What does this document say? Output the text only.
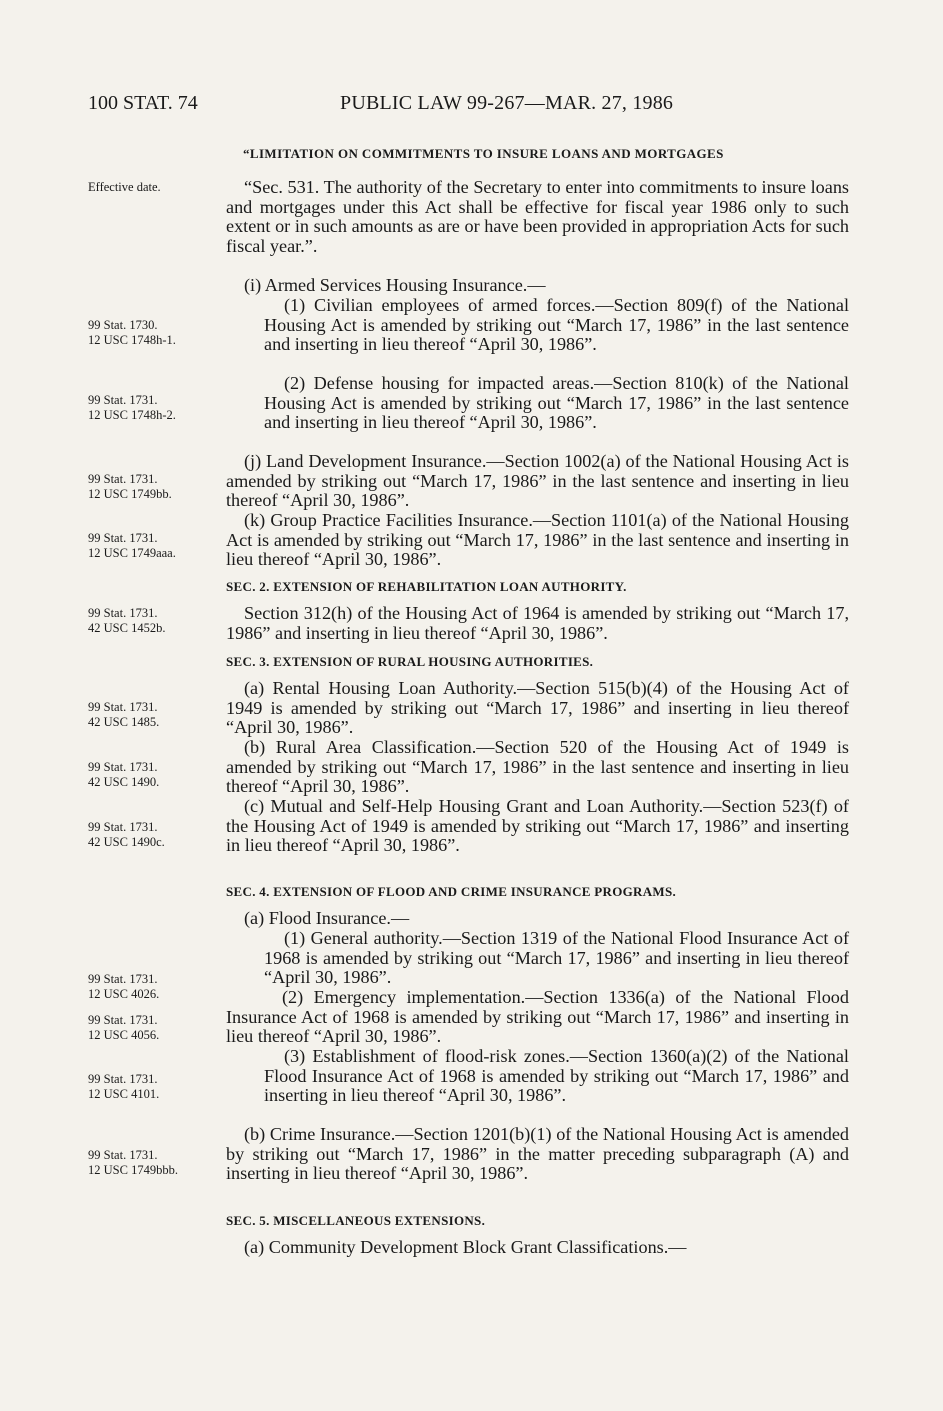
100 STAT. 74	PUBLIC LAW 99-267—MAR. 27, 1986
“LIMITATION ON COMMITMENTS TO INSURE LOANS AND MORTGAGES
Effective date.
99 Stat. 1730.
12 USC 1748h-1.
99 Stat. 1731.
12 USC 1748h-2.
99 Stat. 1731.
12 USC 1749bb.
99 Stat. 1731.
12 USC 1749aaa.
99 Stat. 1731.
42 USC 1452b.
99 Stat. 1731.
42 USC 1485.
99 Stat. 1731.
42 USC 1490.
99 Stat. 1731.
42 USC 1490c.
99 Stat. 1731.
12 USC 4026.
99 Stat. 1731.
12 USC 4056.
99 Stat. 1731.
12 USC 4101.
99 Stat. 1731.
12 USC 1749bbb.
“Sec. 531. The authority of the Secretary to enter into commitments to insure loans and mortgages under this Act shall be effective for fiscal year 1986 only to such extent or in such amounts as are or have been provided in appropriation Acts for such fiscal year.”.
(i) Armed Services Housing Insurance.—
(1) Civilian employees of armed forces.—Section 809(f) of the National Housing Act is amended by striking out “March 17, 1986” in the last sentence and inserting in lieu thereof “April 30, 1986”.
(2) Defense housing for impacted areas.—Section 810(k) of the National Housing Act is amended by striking out “March 17, 1986” in the last sentence and inserting in lieu thereof “April 30, 1986”.
(j) Land Development Insurance.—Section 1002(a) of the National Housing Act is amended by striking out “March 17, 1986” in the last sentence and inserting in lieu thereof “April 30, 1986”.
(k) Group Practice Facilities Insurance.—Section 1101(a) of the National Housing Act is amended by striking out “March 17, 1986” in the last sentence and inserting in lieu thereof “April 30, 1986”.
SEC. 2. EXTENSION OF REHABILITATION LOAN AUTHORITY.
Section 312(h) of the Housing Act of 1964 is amended by striking out “March 17, 1986” and inserting in lieu thereof “April 30, 1986”.
SEC. 3. EXTENSION OF RURAL HOUSING AUTHORITIES.
(a) Rental Housing Loan Authority.—Section 515(b)(4) of the Housing Act of 1949 is amended by striking out “March 17, 1986” and inserting in lieu thereof “April 30, 1986”.
(b) Rural Area Classification.—Section 520 of the Housing Act of 1949 is amended by striking out “March 17, 1986” in the last sentence and inserting in lieu thereof “April 30, 1986”.
(c) Mutual and Self-Help Housing Grant and Loan Authority.—Section 523(f) of the Housing Act of 1949 is amended by striking out “March 17, 1986” and inserting in lieu thereof “April 30, 1986”.
SEC. 4. EXTENSION OF FLOOD AND CRIME INSURANCE PROGRAMS.
(a) Flood Insurance.—
(1) General authority.—Section 1319 of the National Flood Insurance Act of 1968 is amended by striking out “March 17, 1986” and inserting in lieu thereof “April 30, 1986”.
(2) Emergency implementation.—Section 1336(a) of the National Flood Insurance Act of 1968 is amended by striking out “March 17, 1986” and inserting in lieu thereof “April 30, 1986”.
(3) Establishment of flood-risk zones.—Section 1360(a)(2) of the National Flood Insurance Act of 1968 is amended by striking out “March 17, 1986” and inserting in lieu thereof “April 30, 1986”.
(b) Crime Insurance.—Section 1201(b)(1) of the National Housing Act is amended by striking out “March 17, 1986” in the matter preceding subparagraph (A) and inserting in lieu thereof “April 30, 1986”.
SEC. 5. MISCELLANEOUS EXTENSIONS.
(a) Community Development Block Grant Classifications.—
